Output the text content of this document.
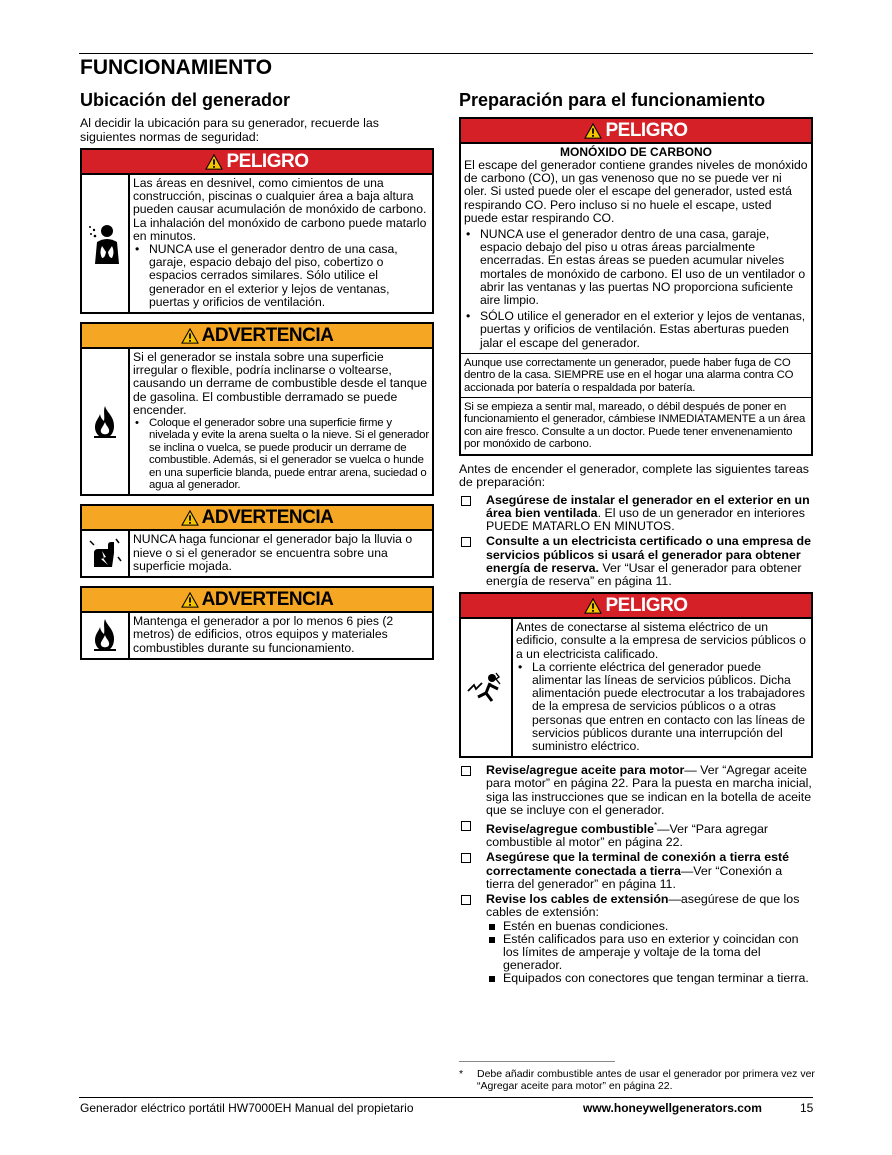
FUNCIONAMIENTO
Ubicación del generador

Al decidir la ubicación para su generador, recuerde las siguientes normas de seguridad:

PELIGRO

Las áreas en desnivel, como cimientos de una construcción, piscinas o cualquier área a baja altura pueden causar acumulación de monóxido de carbono. La inhalación del monóxido de carbono puede matarlo en minutos.

• NUNCA use el generador dentro de una casa, garaje, espacio debajo del piso, cobertizo o espacios cerrados similares. Sólo utilice el generador en el exterior y lejos de ventanas, puertas y orificios de ventilación.
ADVERTENCIA

Si el generador se instala sobre una superficie irregular o flexible, podría inclinarse o voltearse, causando un derrame de combustible desde el tanque de gasolina. El combustible derramado se puede encender.

• Coloque el generador sobre una superficie firme y nivelada y evite la arena suelta o la nieve. Si el generador se inclina o vuelca, se puede producir un derrame de combustible. Además, si el generador se vuelca o hunde en una superficie blanda, puede entrar arena, suciedad o agua al generador.
ADVERTENCIA

NUNCA haga funcionar el generador bajo la lluvia o nieve o si el generador se encuentra sobre una superficie mojada.

ADVERTENCIA

Mantenga el generador a por lo menos 6 pies (2 metros) de edificios, otros equipos y materiales combustibles durante su funcionamiento.

Preparación para el funcionamiento
PELIGRO
MONÓXIDO DE CARBONO

El escape del generador contiene grandes niveles de monóxido de carbono (CO), un gas venenoso que no se puede ver ni oler. Si usted puede oler el escape del generador, usted está respirando CO. Pero incluso si no huele el escape, usted puede estar respirando CO.

• NUNCA use el generador dentro de una casa, garaje, espacio debajo del piso u otras áreas parcialmente encerradas. En estas áreas se pueden acumular niveles mortales de monóxido de carbono. El uso de un ventilador o abrir las ventanas y las puertas NO proporciona suficiente aire limpio.
• SÓLO utilice el generador en el exterior y lejos de ventanas, puertas y orificios de ventilación. Estas aberturas pueden jalar el escape del generador.

Aunque use correctamente un generador, puede haber fuga de CO dentro de la casa. SIEMPRE use en el hogar una alarma contra CO accionada por batería o respaldada por batería.

Si se empieza a sentir mal, mareado, o débil después de poner en funcionamiento el generador, cámbiese INMEDIATAMENTE a un área con aire fresco. Consulte a un doctor. Puede tener envenenamiento por monóxido de carbono.

Antes de encender el generador, complete las siguientes tareas de preparación:

Asegúrese de instalar el generador en el exterior en un área bien ventilada. El uso de un generador en interiores PUEDE MATARLO EN MINUTOS.
Consulte a un electricista certificado o una empresa de servicios públicos si usará el generador para obtener energía de reserva. Ver “Usar el generador para obtener energía de reserva” en página 11.
PELIGRO

Antes de conectarse al sistema eléctrico de un edificio, consulte a la empresa de servicios públicos o a un electricista calificado.

• La corriente eléctrica del generador puede alimentar las líneas de servicios públicos. Dicha alimentación puede electrocutar a los trabajadores de la empresa de servicios públicos o a otras personas que entren en contacto con las líneas de servicios públicos durante una interrupción del suministro eléctrico.
Revise/agregue aceite para motor— Ver “Agregar aceite para motor” en página 22. Para la puesta en marcha inicial, siga las instrucciones que se indican en la botella de aceite que se incluye con el generador.
Revise/agregue combustible*—Ver “Para agregar combustible al motor” en página 22.
Asegúrese que la terminal de conexión a tierra esté correctamente conectada a tierra—Ver “Conexión a tierra del generador” en página 11.
Revise los cables de extensión—asegúrese de que los cables de extensión:
Estén en buenas condiciones.
Estén calificados para uso en exterior y coincidan con los límites de amperaje y voltaje de la toma del generador.
Equipados con conectores que tengan terminar a tierra.
*	Debe añadir combustible antes de usar el generador por primera vez ver “Agregar aceite para motor” en página 22.
Generador eléctrico portátil HW7000EH Manual del propietario	www.honeywellgenerators.com	15
